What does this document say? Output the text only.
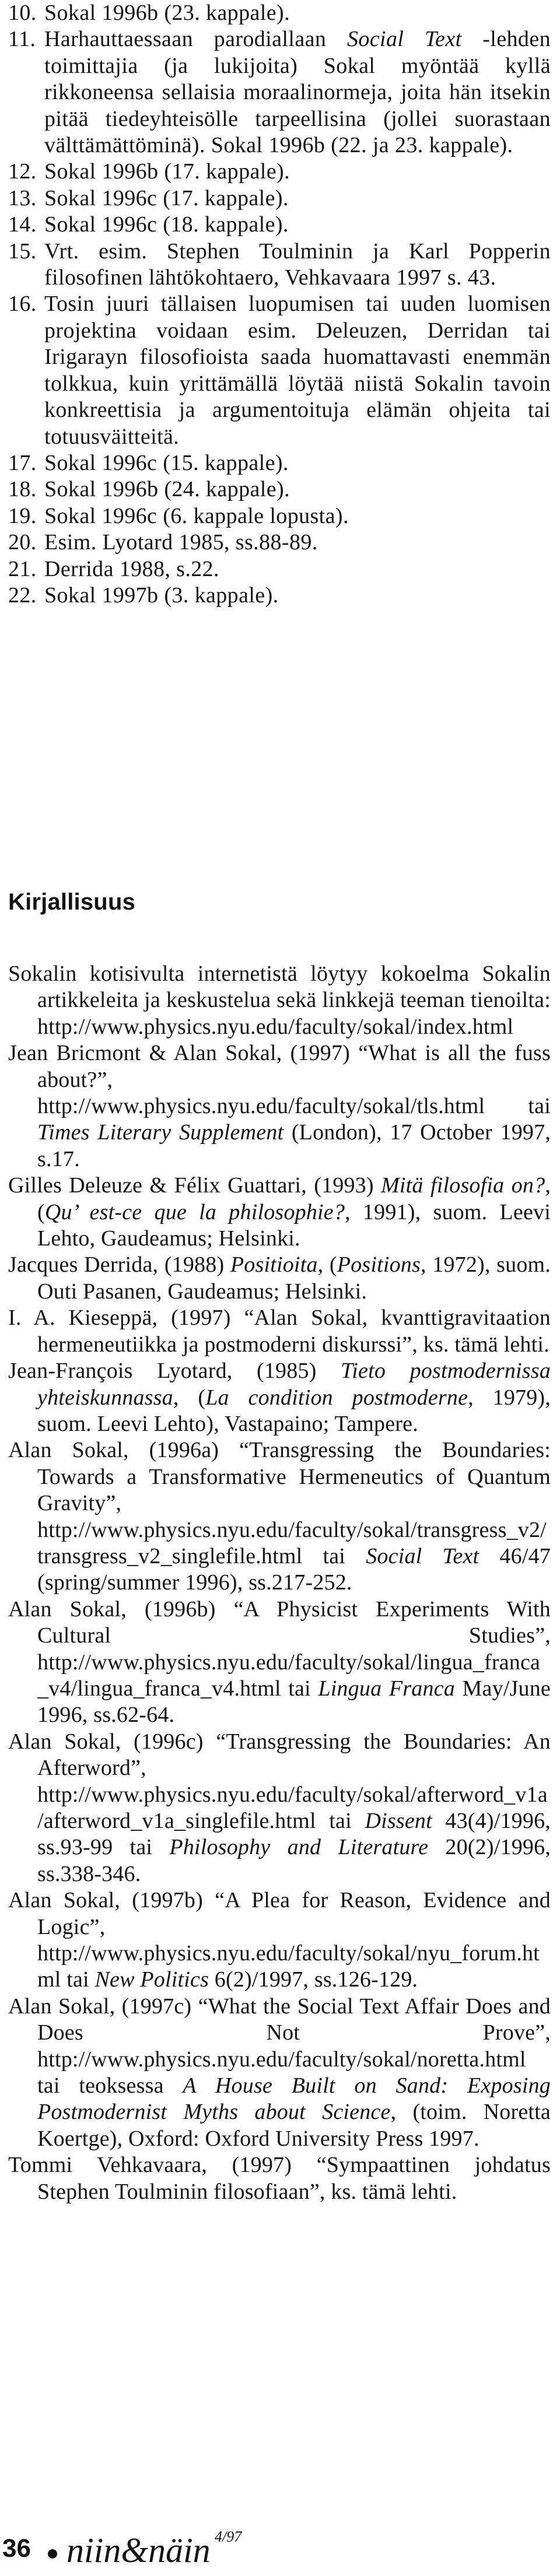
10. Sokal 1996b (23. kappale).
11. Harhauttaessaan parodiallaan Social Text -lehden toimittajia (ja lukijoita) Sokal myöntää kyllä rikkoneensa sellaisia moraalinormeja, joita hän itsekin pitää tiedeyhteisölle tarpeellisina (jollei suorastaan välttämättöminä). Sokal 1996b (22. ja 23. kappale).
12. Sokal 1996b (17. kappale).
13. Sokal 1996c (17. kappale).
14. Sokal 1996c (18. kappale).
15. Vrt. esim. Stephen Toulminin ja Karl Popperin filosofinen lähtökohtaero, Vehkavaara 1997 s. 43.
16. Tosin juuri tällaisen luopumisen tai uuden luomisen projektina voidaan esim. Deleuzen, Derridan tai Irigarayn filosofioista saada huomattavasti enemmän tolkkua, kuin yrittämällä löytää niistä Sokalin tavoin konkreettisia ja argumentoituja elämän ohjeita tai totuusväitteitä.
17. Sokal 1996c (15. kappale).
18. Sokal 1996b (24. kappale).
19. Sokal 1996c (6. kappale lopusta).
20. Esim. Lyotard 1985, ss.88-89.
21. Derrida 1988, s.22.
22. Sokal 1997b (3. kappale).
Kirjallisuus
Sokalin kotisivulta internetistä löytyy kokoelma Sokalin artikkeleita ja keskustelua sekä linkkejä teeman tienoilta: http://www.physics.nyu.edu/faculty/sokal/index.html
Jean Bricmont & Alan Sokal, (1997) “What is all the fuss about?”, http://www.physics.nyu.edu/faculty/sokal/tls.html tai Times Literary Supplement (London), 17 October 1997, s.17.
Gilles Deleuze & Félix Guattari, (1993) Mitä filosofia on?, (Qu’ est-ce que la philosophie?, 1991), suom. Leevi Lehto, Gaudeamus; Helsinki.
Jacques Derrida, (1988) Positioita, (Positions, 1972), suom. Outi Pasanen, Gaudeamus; Helsinki.
I. A. Kieseppä, (1997) “Alan Sokal, kvanttigravitaation hermeneutiikka ja postmoderni diskurssi”, ks. tämä lehti.
Jean-François Lyotard, (1985) Tieto postmodernissa yhteiskunnassa, (La condition postmoderne, 1979), suom. Leevi Lehto), Vastapaino; Tampere.
Alan Sokal, (1996a) “Transgressing the Boundaries: Towards a Transformative Hermeneutics of Quantum Gravity”, http://www.physics.nyu.edu/faculty/sokal/transgress_v2/transgress_v2_singlefile.html tai Social Text 46/47 (spring/summer 1996), ss.217-252.
Alan Sokal, (1996b) “A Physicist Experiments With Cultural Studies”, http://www.physics.nyu.edu/faculty/sokal/lingua_franca_v4/lingua_franca_v4.html tai Lingua Franca May/June 1996, ss.62-64.
Alan Sokal, (1996c) “Transgressing the Boundaries: An Afterword”, http://www.physics.nyu.edu/faculty/sokal/afterword_v1a/afterword_v1a_singlefile.html tai Dissent 43(4)/1996, ss.93-99 tai Philosophy and Literature 20(2)/1996, ss.338-346.
Alan Sokal, (1997b) “A Plea for Reason, Evidence and Logic”, http://www.physics.nyu.edu/faculty/sokal/nyu_forum.html tai New Politics 6(2)/1997, ss.126-129.
Alan Sokal, (1997c) “What the Social Text Affair Does and Does Not Prove”, http://www.physics.nyu.edu/faculty/sokal/noretta.html tai teoksessa A House Built on Sand: Exposing Postmodernist Myths about Science, (toim. Noretta Koertge), Oxford: Oxford University Press 1997.
Tommi Vehkavaara, (1997) “Sympaattinen johdatus Stephen Toulminin filosofiaan”, ks. tämä lehti.
36 niin&näin 4/97
